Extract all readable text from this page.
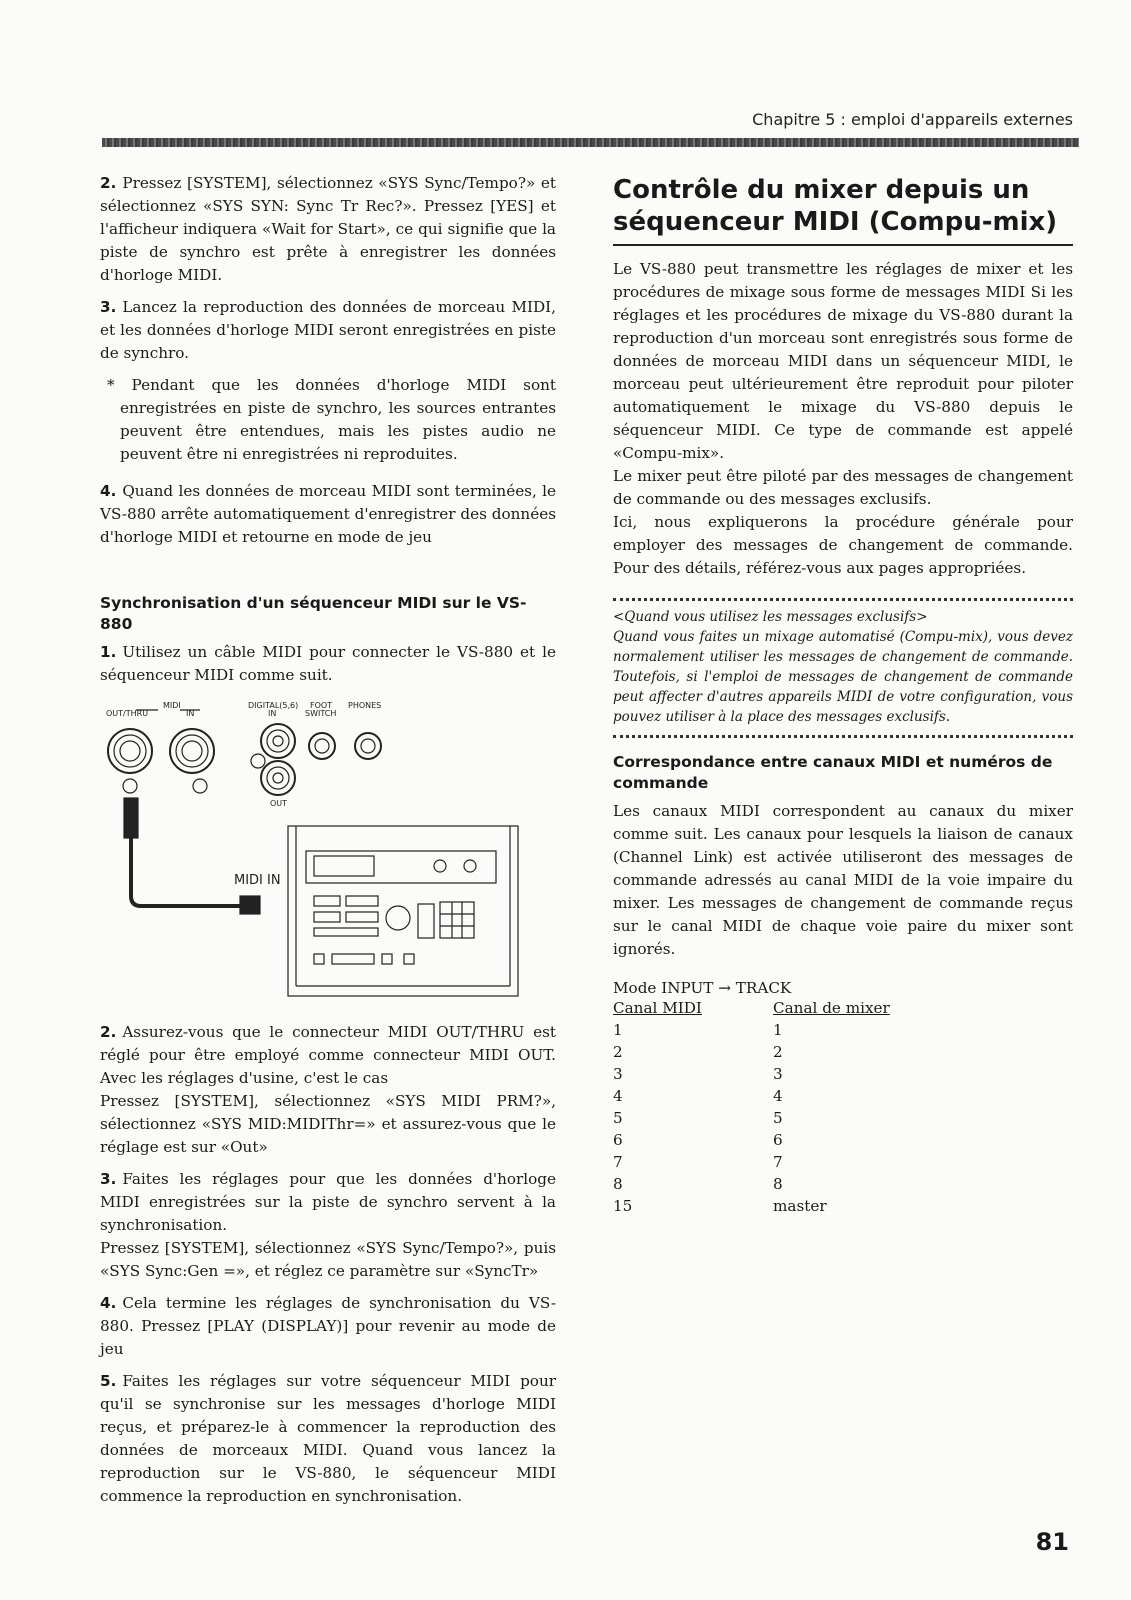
Chapitre 5 : emploi d'appareils externes

2. Pressez [SYSTEM], sélectionnez «SYS Sync/Tempo?» et sélectionnez «SYS SYN: Sync Tr Rec?». Pressez [YES] et l'afficheur indiquera «Wait for Start», ce qui signifie que la piste de synchro est prête à enregistrer les données d'horloge MIDI.

3. Lancez la reproduction des données de morceau MIDI, et les données d'horloge MIDI seront enregistrées en piste de synchro.

* Pendant que les données d'horloge MIDI sont enregistrées en piste de synchro, les sources entrantes peuvent être entendues, mais les pistes audio ne peuvent être ni enregistrées ni reproduites.

4. Quand les données de morceau MIDI sont terminées, le VS-880 arrête automatiquement d'enregistrer des données d'horloge MIDI et retourne en mode de jeu

Synchronisation d'un séquenceur MIDI sur le VS-880

1. Utilisez un câble MIDI pour connecter le VS-880 et le séquenceur MIDI comme suit.

MIDI
OUT/THRU	IN
DIGITAL(5,6)
IN
FOOT
SWITCH
PHONES
OUT
MIDI IN

2. Assurez-vous que le connecteur MIDI OUT/THRU est réglé pour être employé comme connecteur MIDI OUT. Avec les réglages d'usine, c'est le cas

Pressez [SYSTEM], sélectionnez «SYS MIDI PRM?», sélectionnez «SYS MID:MIDIThr=» et assurez-vous que le réglage est sur «Out»

3. Faites les réglages pour que les données d'horloge MIDI enregistrées sur la piste de synchro servent à la synchronisation.

Pressez [SYSTEM], sélectionnez «SYS Sync/Tempo?», puis «SYS Sync:Gen =», et réglez ce paramètre sur «SyncTr»

4. Cela termine les réglages de synchronisation du VS-880. Pressez [PLAY (DISPLAY)] pour revenir au mode de jeu

5. Faites les réglages sur votre séquenceur MIDI pour qu'il se synchronise sur les messages d'horloge MIDI reçus, et préparez-le à commencer la reproduction des données de morceaux MIDI. Quand vous lancez la reproduction sur le VS-880, le séquenceur MIDI commence la reproduction en synchronisation.

Contrôle du mixer depuis un
séquenceur MIDI (Compu-mix)

Le VS-880 peut transmettre les réglages de mixer et les procédures de mixage sous forme de messages MIDI Si les réglages et les procédures de mixage du VS-880 durant la reproduction d'un morceau sont enregistrés sous forme de données de morceau MIDI dans un séquenceur MIDI, le morceau peut ultérieurement être reproduit pour piloter automatiquement le mixage du VS-880 depuis le séquenceur MIDI. Ce type de commande est appelé «Compu-mix».

Le mixer peut être piloté par des messages de changement de commande ou des messages exclusifs.

Ici, nous expliquerons la procédure générale pour employer des messages de changement de commande. Pour des détails, référez-vous aux pages appropriées.

<Quand vous utilisez les messages exclusifs>

Quand vous faites un mixage automatisé (Compu-mix), vous devez normalement utiliser les messages de changement de commande. Toutefois, si l'emploi de messages de changement de commande peut affecter d'autres appareils MIDI de votre configuration, vous pouvez utiliser à la place des messages exclusifs.

Correspondance entre canaux MIDI et numéros de commande

Les canaux MIDI correspondent au canaux du mixer comme suit. Les canaux pour lesquels la liaison de canaux (Channel Link) est activée utiliseront des messages de commande adressés au canal MIDI de la voie impaire du mixer. Les messages de changement de commande reçus sur le canal MIDI de chaque voie paire du mixer sont ignorés.

Mode INPUT → TRACK

Canal MIDI	Canal de mixer
1	1
2	2
3	3
4	4
5	5
6	6
7	7
8	8
15	master
81
